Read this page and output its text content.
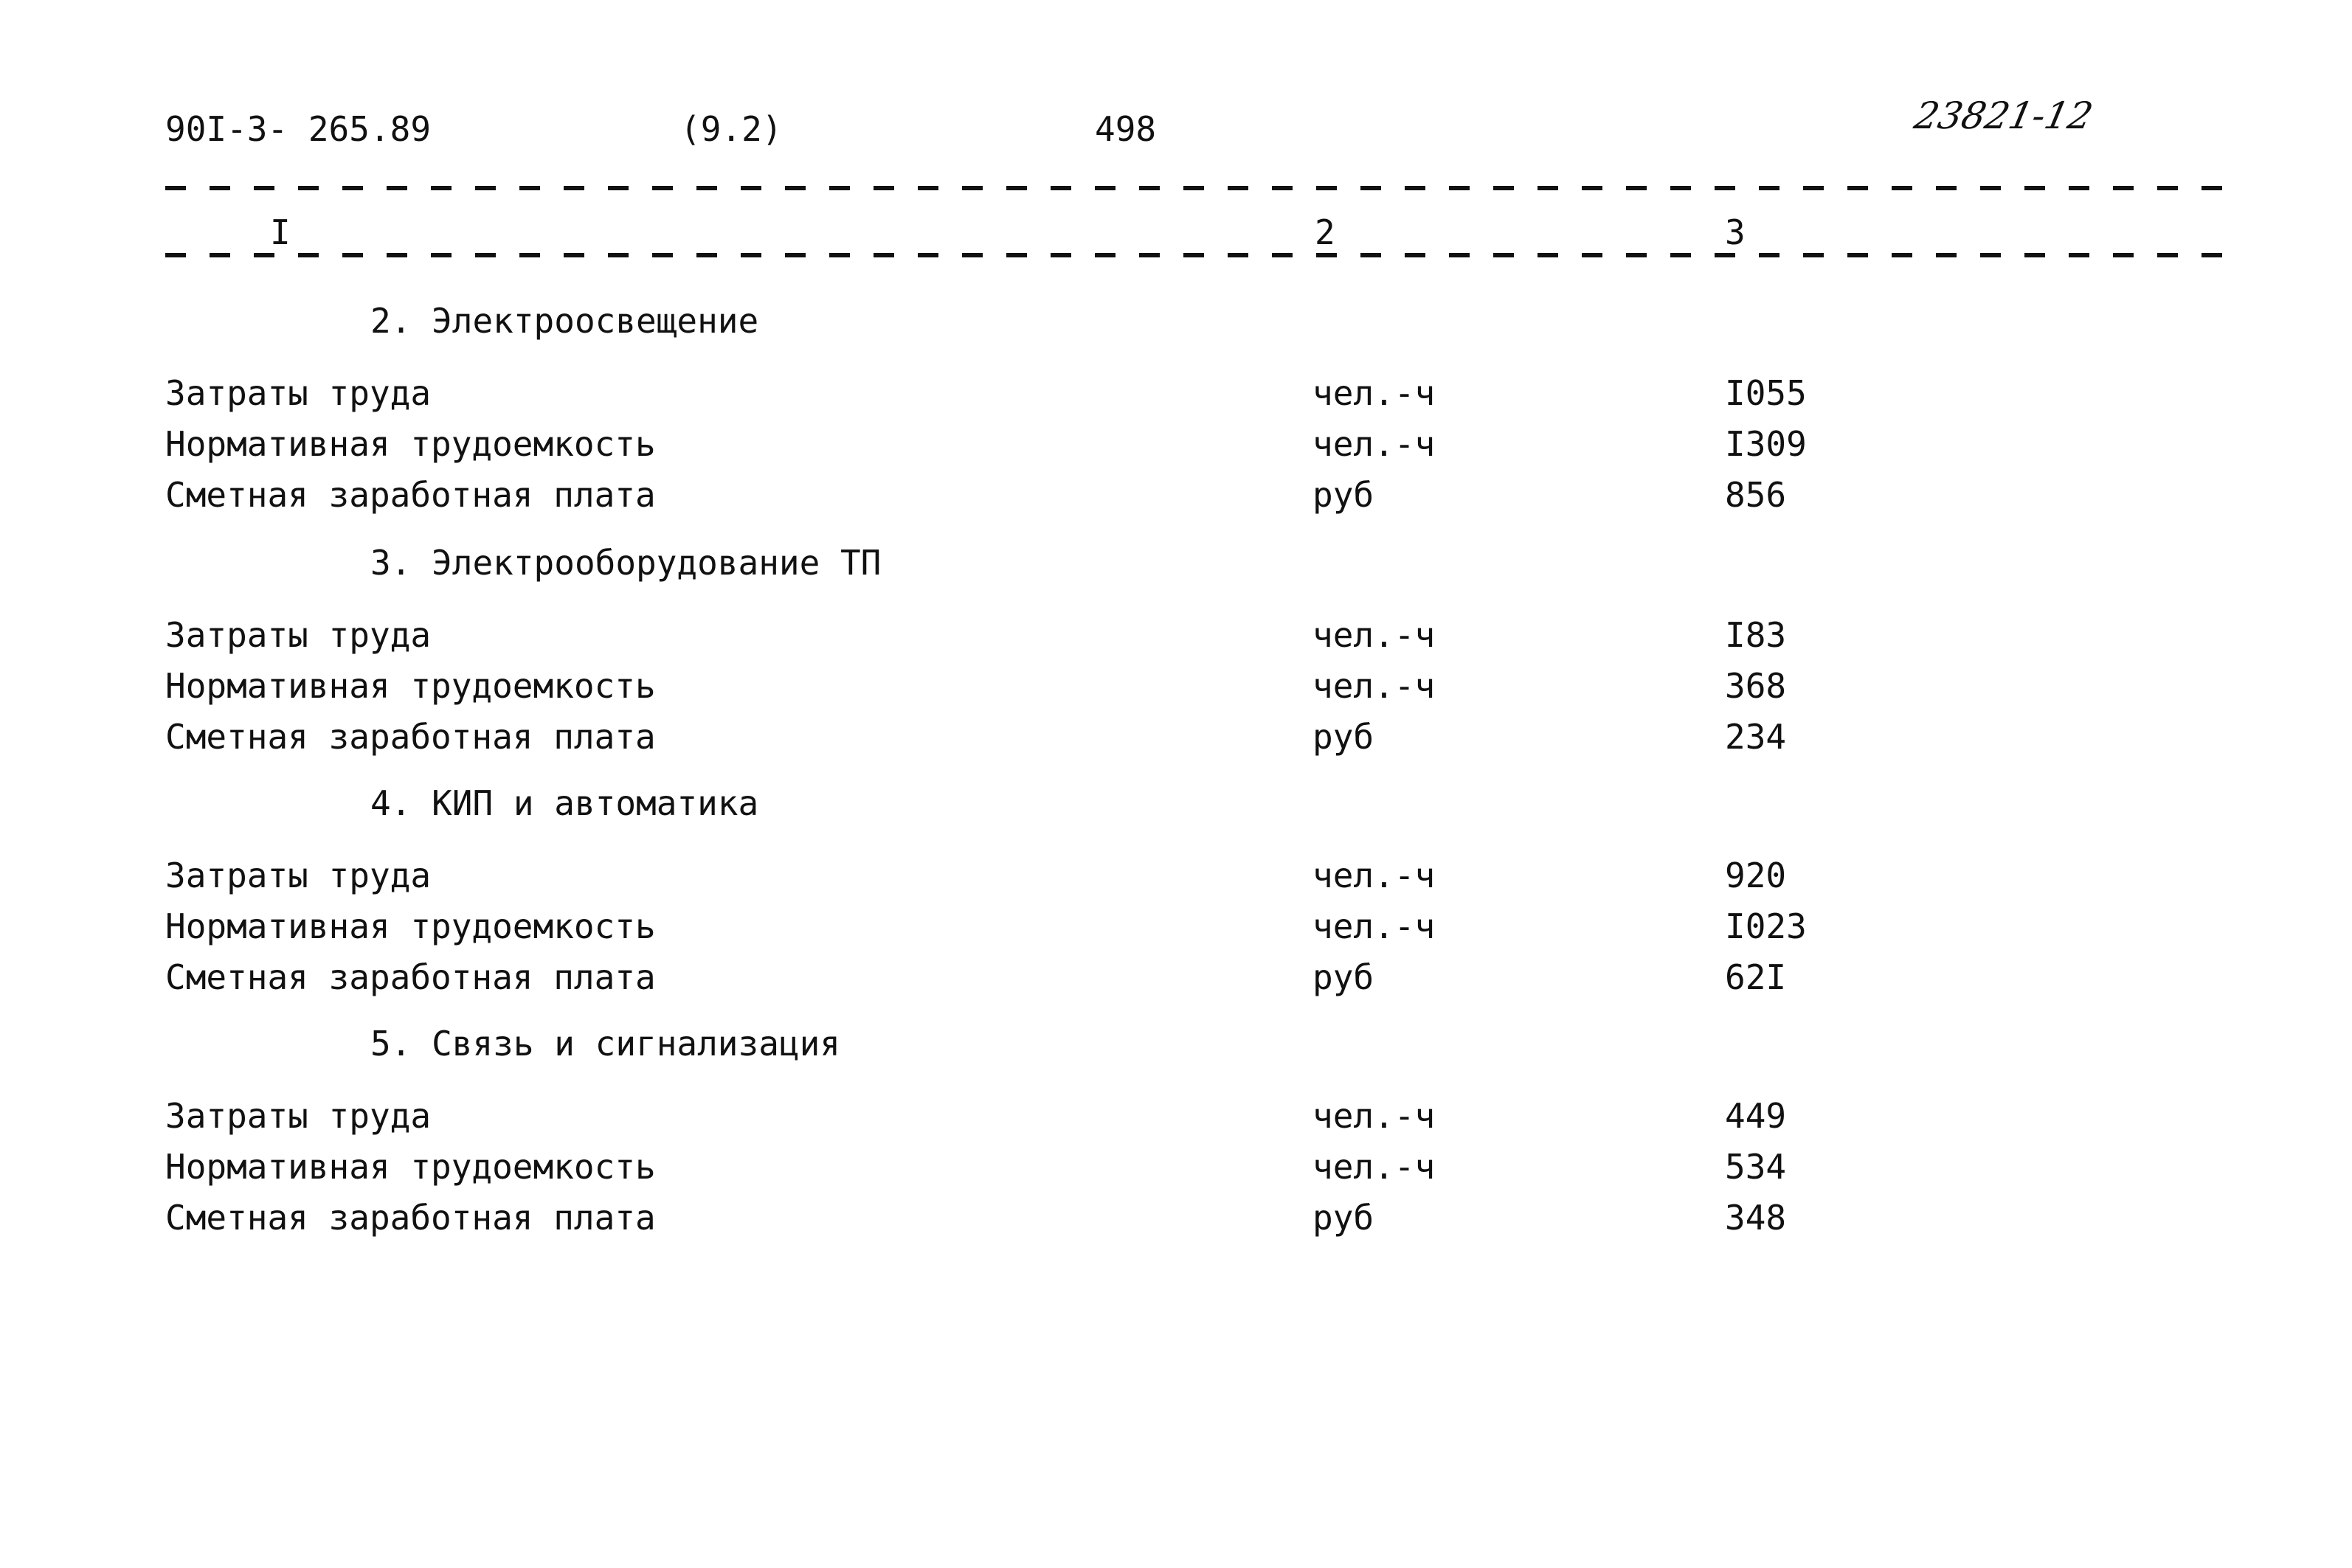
90I-3- 265.89	(9.2)	498	23821-12
I	2	3
2. Электроосвещение
Затраты труда	чел.-ч	I055
Нормативная трудоемкость	чел.-ч	I309
Сметная заработная плата	руб	856
3. Электрооборудование ТП
Затраты труда	чел.-ч	I83
Нормативная трудоемкость	чел.-ч	368
Сметная заработная плата	руб	234
4. КИП и автоматика
Затраты труда	чел.-ч	920
Нормативная трудоемкость	чел.-ч	I023
Сметная заработная плата	руб	62I
5. Связь и сигнализация
Затраты труда	чел.-ч	449
Нормативная трудоемкость	чел.-ч	534
Сметная заработная плата	руб	348
